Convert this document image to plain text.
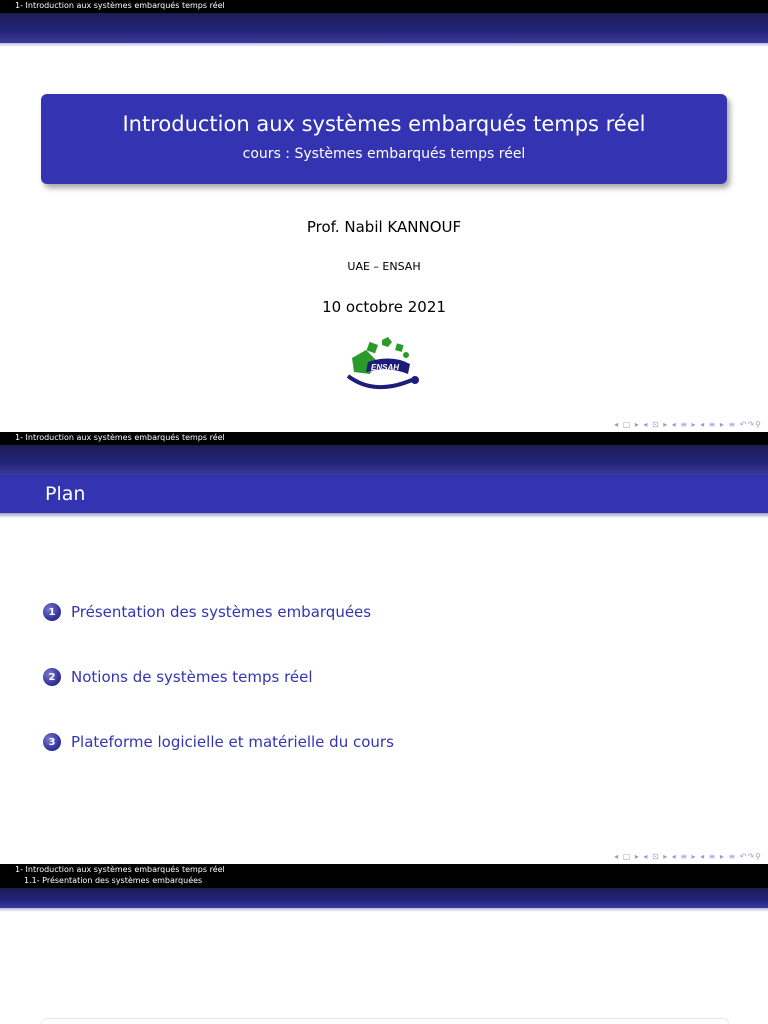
1- Introduction aux systèmes embarqués temps réel
Introduction aux systèmes embarqués temps réel
cours : Systèmes embarqués temps réel
Prof. Nabil KANNOUF
UAE – ENSAH
10 octobre 2021
ENSAH
◂ ▢ ▸ ◂ ⊡ ▸ ◂ ≡ ▸ ◂ ≡ ▸ ≡ ↶↷⚲
1- Introduction aux systèmes embarqués temps réel
Plan
1	Présentation des systèmes embarquées
2	Notions de systèmes temps réel
3	Plateforme logicielle et matérielle du cours
◂ ▢ ▸ ◂ ⊡ ▸ ◂ ≡ ▸ ◂ ≡ ▸ ≡ ↶↷⚲
1- Introduction aux systèmes embarqués temps réel
1.1- Présentation des systèmes embarquées
